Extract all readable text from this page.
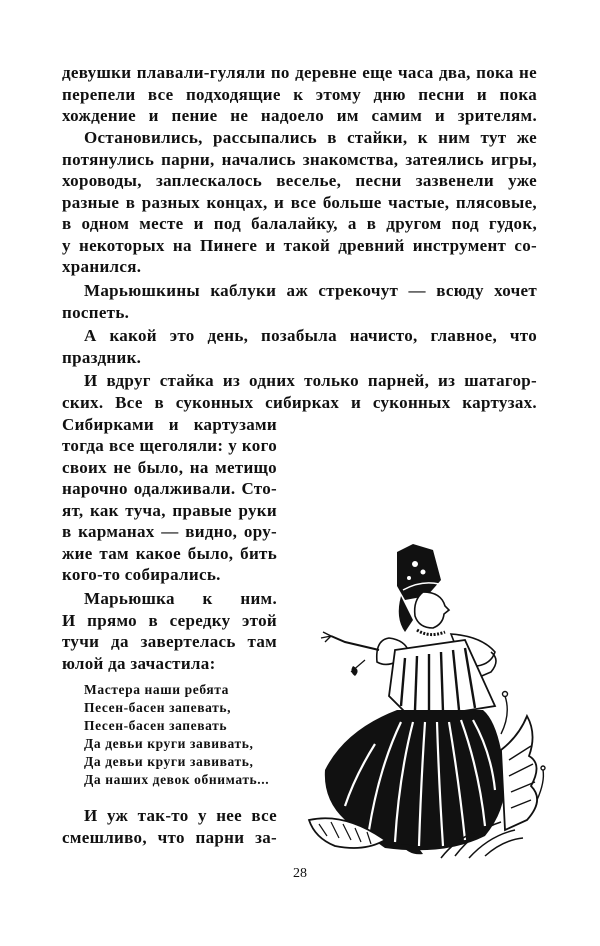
девушки плавали-гуляли по деревне еще часа два, пока не
перепели все подходящие к этому дню песни и пока
хождение и пение не надоело им самим и зрителям.
Остановились, рассыпались в стайки, к ним тут же
потянулись парни, начались знакомства, затеялись игры,
хороводы, заплескалось веселье, песни зазвенели уже
разные в разных концах, и все больше частые, плясовые,
в одном месте и под балалайку, а в другом под гудок,
у некоторых на Пинеге и такой древний инструмент со-
хранился.
Марьюшкины каблуки аж стрекочут — всюду хочет
поспеть.
А какой это день, позабыла начисто, главное, что
праздник.
И вдруг стайка из одних только парней, из шатагор-
ских. Все в суконных сибирках и суконных картузах.
Сибирками и картузами
тогда все щеголяли: у кого
своих не было, на метищо
нарочно одалживали. Сто-
ят, как туча, правые руки
в карманах — видно, ору-
жие там какое было, бить
кого-то собирались.
Марьюшка к ним.
И прямо в середку этой
тучи да завертелась там
юлой да зачастила:
Мастера наши ребята
Песен-басен запевать,
Песен-басен запевать
Да девьи круги завивать,
Да девьи круги завивать,
Да наших девок обнимать...
И уж так-то у нее все
смешливо, что парни за-
28
